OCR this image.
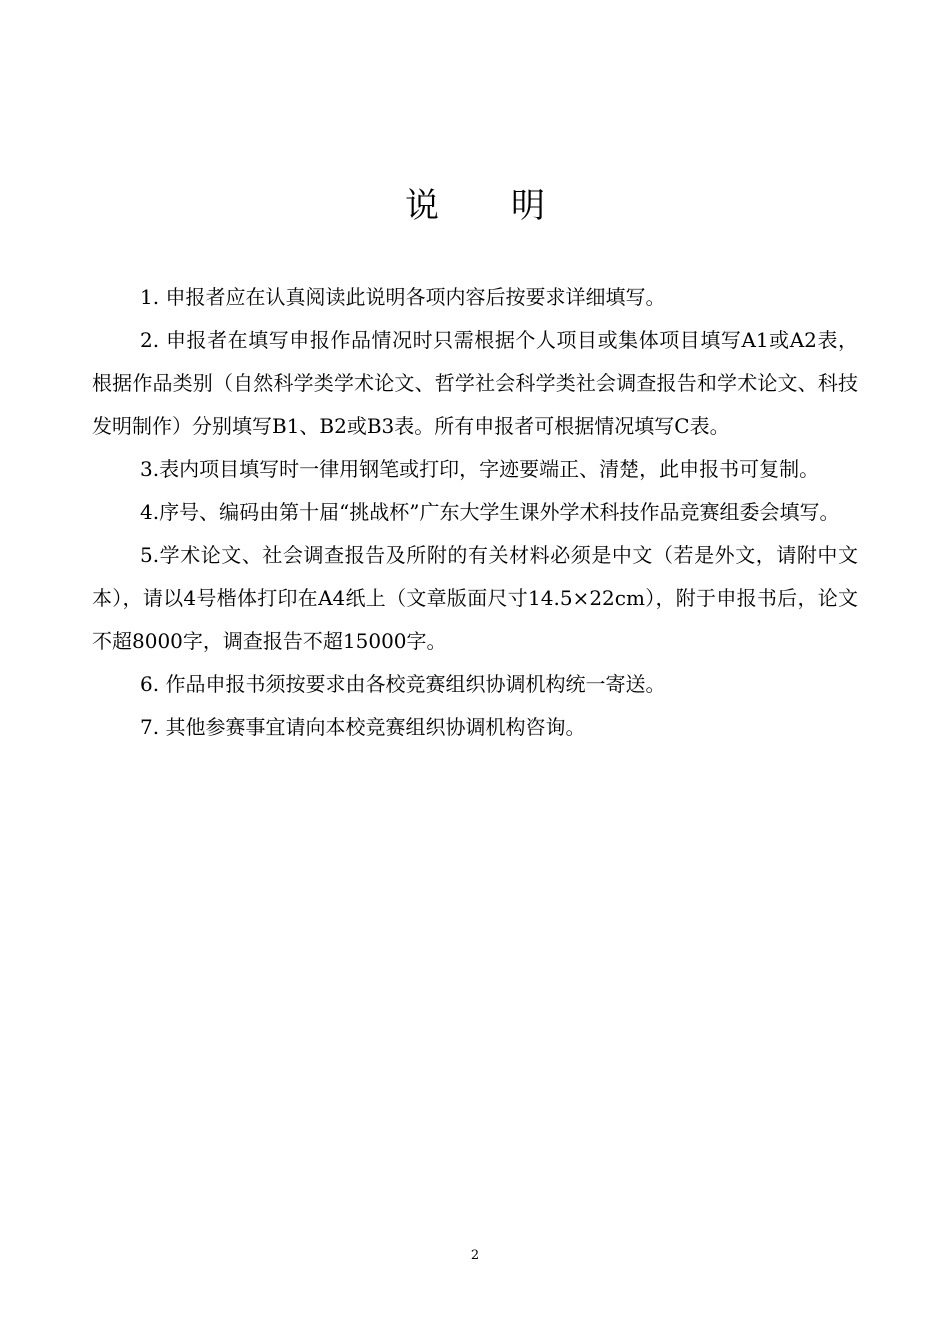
说 明

1. 申报者应在认真阅读此说明各项内容后按要求详细填写。

2. 申报者在填写申报作品情况时只需根据个人项目或集体项目填写A1或A2表，根据作品类别（自然科学类学术论文、哲学社会科学类社会调查报告和学术论文、科技发明制作）分别填写B1、B2或B3表。所有申报者可根据情况填写C表。

3.表内项目填写时一律用钢笔或打印，字迹要端正、清楚，此申报书可复制。

4.序号、编码由第十届“挑战杯”广东大学生课外学术科技作品竞赛组委会填写。

5.学术论文、社会调查报告及所附的有关材料必须是中文（若是外文，请附中文本），请以4号楷体打印在A4纸上（文章版面尺寸14.5×22cm），附于申报书后，论文不超8000字，调查报告不超15000字。

6. 作品申报书须按要求由各校竞赛组织协调机构统一寄送。

7. 其他参赛事宜请向本校竞赛组织协调机构咨询。

2
